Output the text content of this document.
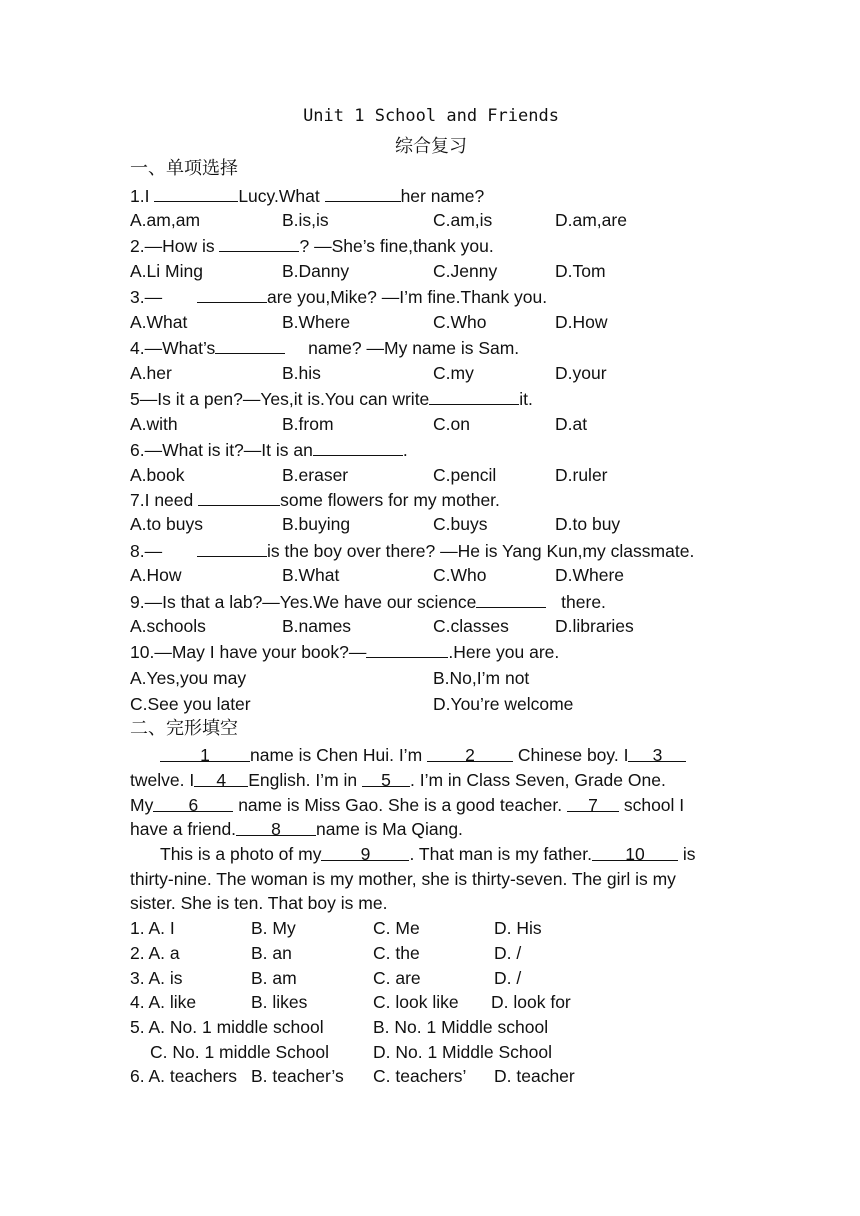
Unit 1 School and Friends
综合复习
一、单项选择
1.I	Lucy.What	her name?
A.am,am	B.is,is	C.am,is	D.am,are
2.—How is	? —She’s fine,thank you.
A.Li Ming	B.Danny	C.Jenny	D.Tom
3.—	are you,Mike? —I’m fine.Thank you.
A.What	B.Where	C.Who	D.How
4.—What’s	name? —My name is Sam.
A.her	B.his	C.my	D.your
5—Is it a pen?—Yes,it is.You can write	it.
A.with	B.from	C.on	D.at
6.—What is it?—It is an	.
A.book	B.eraser	C.pencil	D.ruler
7.I need	some flowers for my mother.
A.to buys	B.buying	C.buys	D.to buy
8.—	is the boy over there? —He is Yang Kun,my classmate.
A.How	B.What	C.Who	D.Where
9.—Is that a lab?—Yes.We have our science	there.
A.schools	B.names	C.classes	D.libraries
10.—May I have your book?—	.Here you are.
A.Yes,you may	B.No,I’m not
C.See you later	D.You’re welcome
二、完形填空
1 name is Chen Hui. I’m 2 Chinese boy. I 3
twelve. I 4 English. I’m in 5 . I’m in Class Seven, Grade One.
My 6 name is Miss Gao. She is a good teacher. 7 school I
have a friend. 8 name is Ma Qiang.
This is a photo of my 9 . That man is my father. 10 is
thirty-nine. The woman is my mother, she is thirty-seven. The girl is my
sister. She is ten. That boy is me.
1. A. I	B. My	C. Me	D. His
2. A. a	B. an	C. the	D. /
3. A. is	B. am	C. are	D. /
4. A. like	B. likes	C. look like D. look for
5. A. No. 1 middle school	B. No. 1 Middle school
C. No. 1 middle School	D. No. 1 Middle School
6. A. teachers B. teacher’s C. teachers’ D. teacher
